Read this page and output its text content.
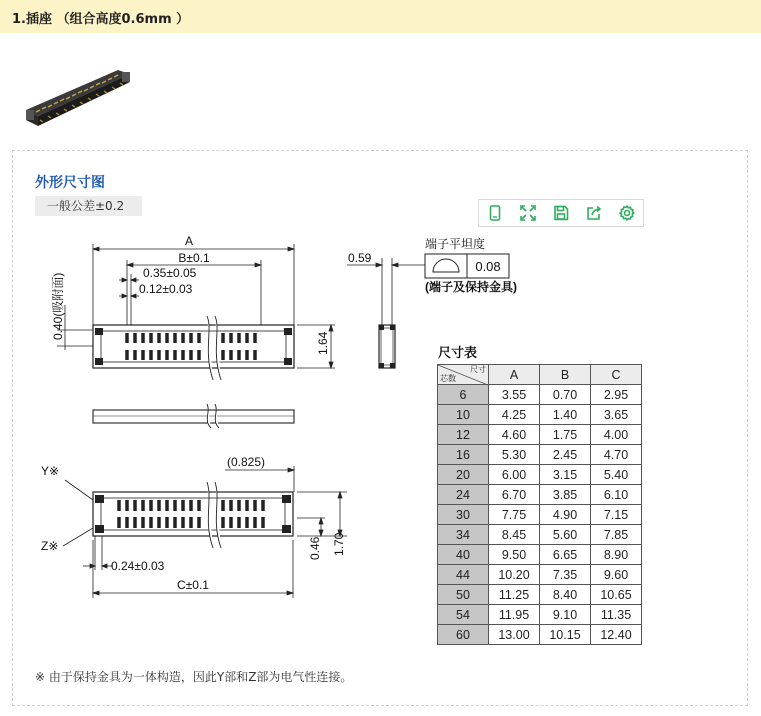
1.插座 （组合高度0.6mm ）
外形尺寸图
一般公差±0.2
A
B±0.1
0.35±0.05
0.12±0.03
0.40(吸附面)
1.64
0.59
端子平坦度
0.08
(端子及保持金具)
Y※
Z※
(0.825)
0.24±0.03
C±0.1
0.46 1.70
尺寸表
尺寸
芯数	A	B	C
6	3.55	0.70	2.95
10	4.25	1.40	3.65
12	4.60	1.75	4.00
16	5.30	2.45	4.70
20	6.00	3.15	5.40
24	6.70	3.85	6.10
30	7.75	4.90	7.15
34	8.45	5.60	7.85
40	9.50	6.65	8.90
44	10.20	7.35	9.60
50	11.25	8.40	10.65
54	11.95	9.10	11.35
60	13.00	10.15	12.40
※ 由于保持金具为一体构造，因此Y部和Z部为电气性连接。
